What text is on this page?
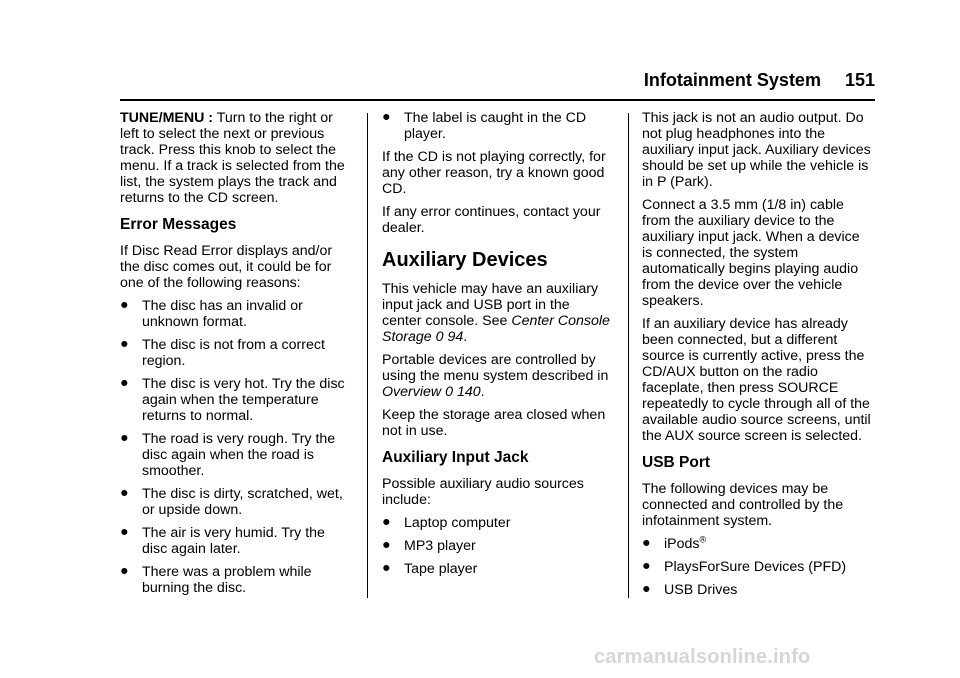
Infotainment System 151

TUNE/MENU : Turn to the right or left to select the next or previous track. Press this knob to select the menu. If a track is selected from the list, the system plays the track and returns to the CD screen.

Error Messages

If Disc Read Error displays and/or the disc comes out, it could be for one of the following reasons:

● The disc has an invalid or unknown format.
● The disc is not from a correct region.
● The disc is very hot. Try the disc again when the temperature returns to normal.
● The road is very rough. Try the disc again when the road is smoother.
● The disc is dirty, scratched, wet, or upside down.
● The air is very humid. Try the disc again later.
● There was a problem while burning the disc.
● The label is caught in the CD player.

If the CD is not playing correctly, for any other reason, try a known good CD.

If any error continues, contact your dealer.

Auxiliary Devices

This vehicle may have an auxiliary input jack and USB port in the center console. See Center Console Storage 0 94.

Portable devices are controlled by using the menu system described in Overview 0 140.

Keep the storage area closed when not in use.

Auxiliary Input Jack

Possible auxiliary audio sources include:

● Laptop computer
● MP3 player
● Tape player

This jack is not an audio output. Do not plug headphones into the auxiliary input jack. Auxiliary devices should be set up while the vehicle is in P (Park).

Connect a 3.5 mm (1/8 in) cable from the auxiliary device to the auxiliary input jack. When a device is connected, the system automatically begins playing audio from the device over the vehicle speakers.

If an auxiliary device has already been connected, but a different source is currently active, press the CD/AUX button on the radio faceplate, then press SOURCE repeatedly to cycle through all of the available audio source screens, until the AUX source screen is selected.

USB Port

The following devices may be connected and controlled by the infotainment system.

● iPods®
● PlaysForSure Devices (PFD)
● USB Drives
carmanualsonline.info
